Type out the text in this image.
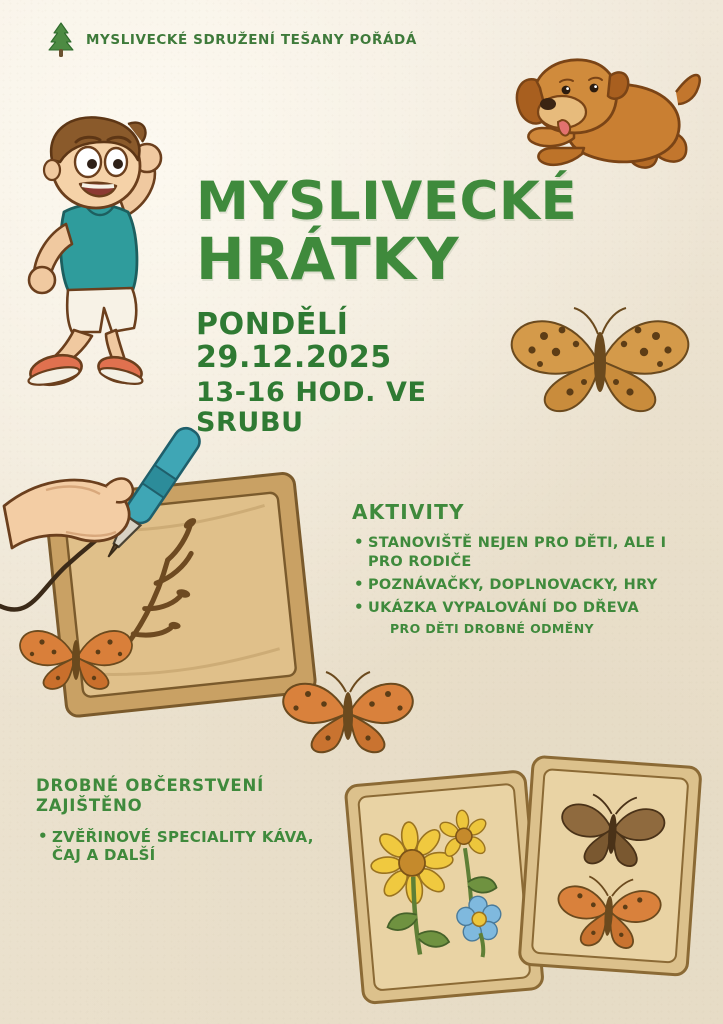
MYSLIVECKÉ SDRUŽENÍ TEŠANY POŘÁDÁ
MYSLIVECKÉ
HRÁTKY
PONDĚLÍ 29.12.2025
13-16 HOD. VE SRUBU
AKTIVITY
• STANOVIŠTĚ NEJEN PRO DĚTI, ALE I PRO RODIČE
• POZNÁVAČKY, DOPLNOVACKY, HRY
• UKÁZKA VYPALOVÁNÍ DO DŘEVA
PRO DĚTI DROBNÉ ODMĚNY
DROBNÉ OBČERSTVENÍ ZAJIŠTĚNO
• ZVĚŘINOVÉ SPECIALITY KÁVA, ČAJ A DALŠÍ
